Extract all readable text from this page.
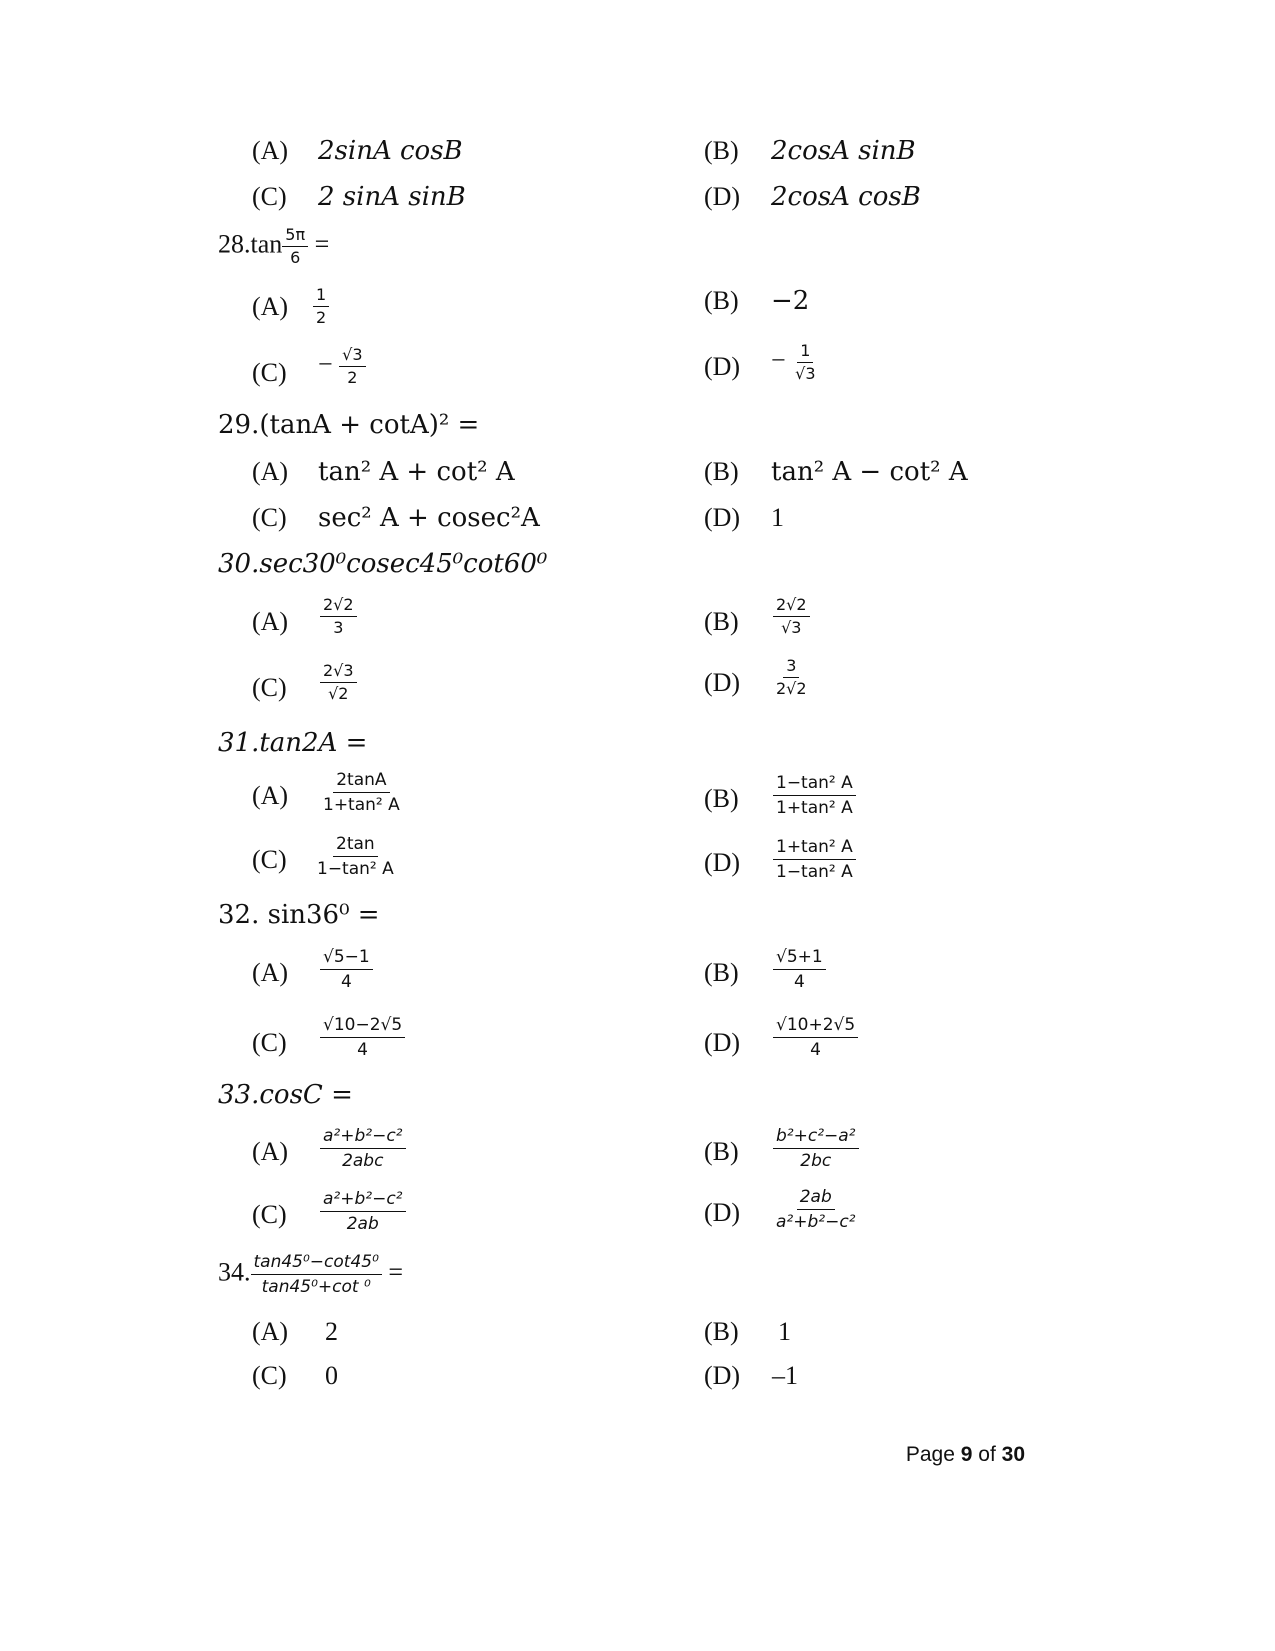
(A) 2sinA cosB	(B) 2cosA sinB
(C) 2 sinA sinB	(D) 2cosA cosB
$28.\tan \frac{5\pi}{6}$ =
$(A) \frac{1}{2}$	(B) −2
$(C) - \frac{√3}{2}$	$(D) - \frac{1}{√3}$
29.(tanA + cotA)² =
(A) tan² A + cot² A	(B) tan² A − cot² A
(C) sec² A + cosec²A	(D) 1
30.sec30⁰cosec45⁰cot60⁰
$(A) \frac{2√2}{3}$	$(B) \frac{2√2}{√3}$
$(C) \frac{2√3}{√2}$	$(D) \frac{3}{2√2}$
31.tan2A =
$(A) \frac{2\tan A}{\text{1+tan² A}}$	$(B) \frac{\text{1−tan² A}}{\text{1+tan² A}}$
$(C) \frac{2\tan}{\text{1−tan² A}}$	$(D) \frac{\text{1+tan² A}}{\text{1−tan² A}}$
32. sin36⁰ =
$(A) \frac{√5-1}{4}$	$(B) \frac{√5+1}{4}$
$(C) \frac{√10-2√5}{4}$	$(D) \frac{√10+2√5}{4}$
33.cosC =
$(A) \frac{\text{a²+b²−c²}}{\text{2abc}}$	$(B) \frac{\text{b²+c²−a²}}{2bc}$
$(C) \frac{\text{a²+b²−c²}}{2ab}$	$(D) \frac{2ab}{\text{a²+b²−c²}}$
34. $\frac{\text{tan45⁰−cot45⁰}}{\text{tan45⁰+cot ⁰}}$ =
(A) 2	(B) 1
(C) 0	(D) –1
Page 9 of 30
